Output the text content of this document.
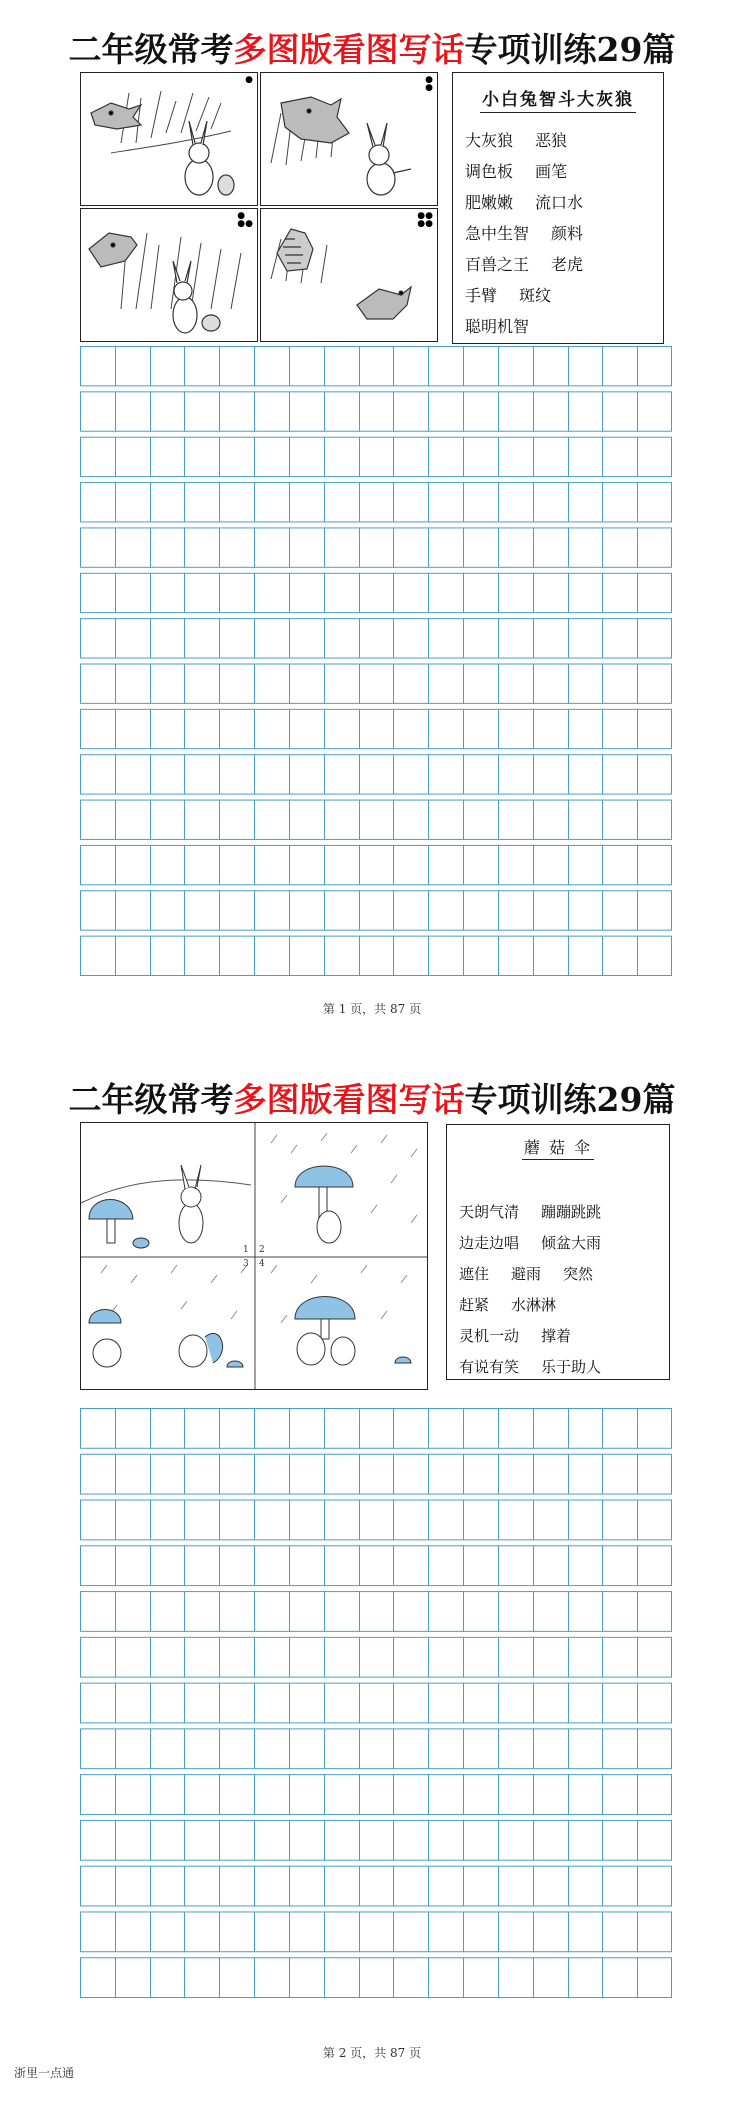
二年级常考多图版看图写话专项训练29篇
●	●
●
●
●●
●●
●●
小白兔智斗大灰狼
大灰狼 恶狼
调色板 画笔
肥嫩嫩 流口水
急中生智 颜料
百兽之王 老虎
手臂 斑纹
聪明机智
第 1 页，共 87 页
二年级常考多图版看图写话专项训练29篇
1 2
3 4
蘑 菇 伞
天朗气清 蹦蹦跳跳
边走边唱 倾盆大雨
遮住 避雨 突然
赶紧 水淋淋
灵机一动 撑着
有说有笑 乐于助人
第 2 页，共 87 页
浙里一点通
